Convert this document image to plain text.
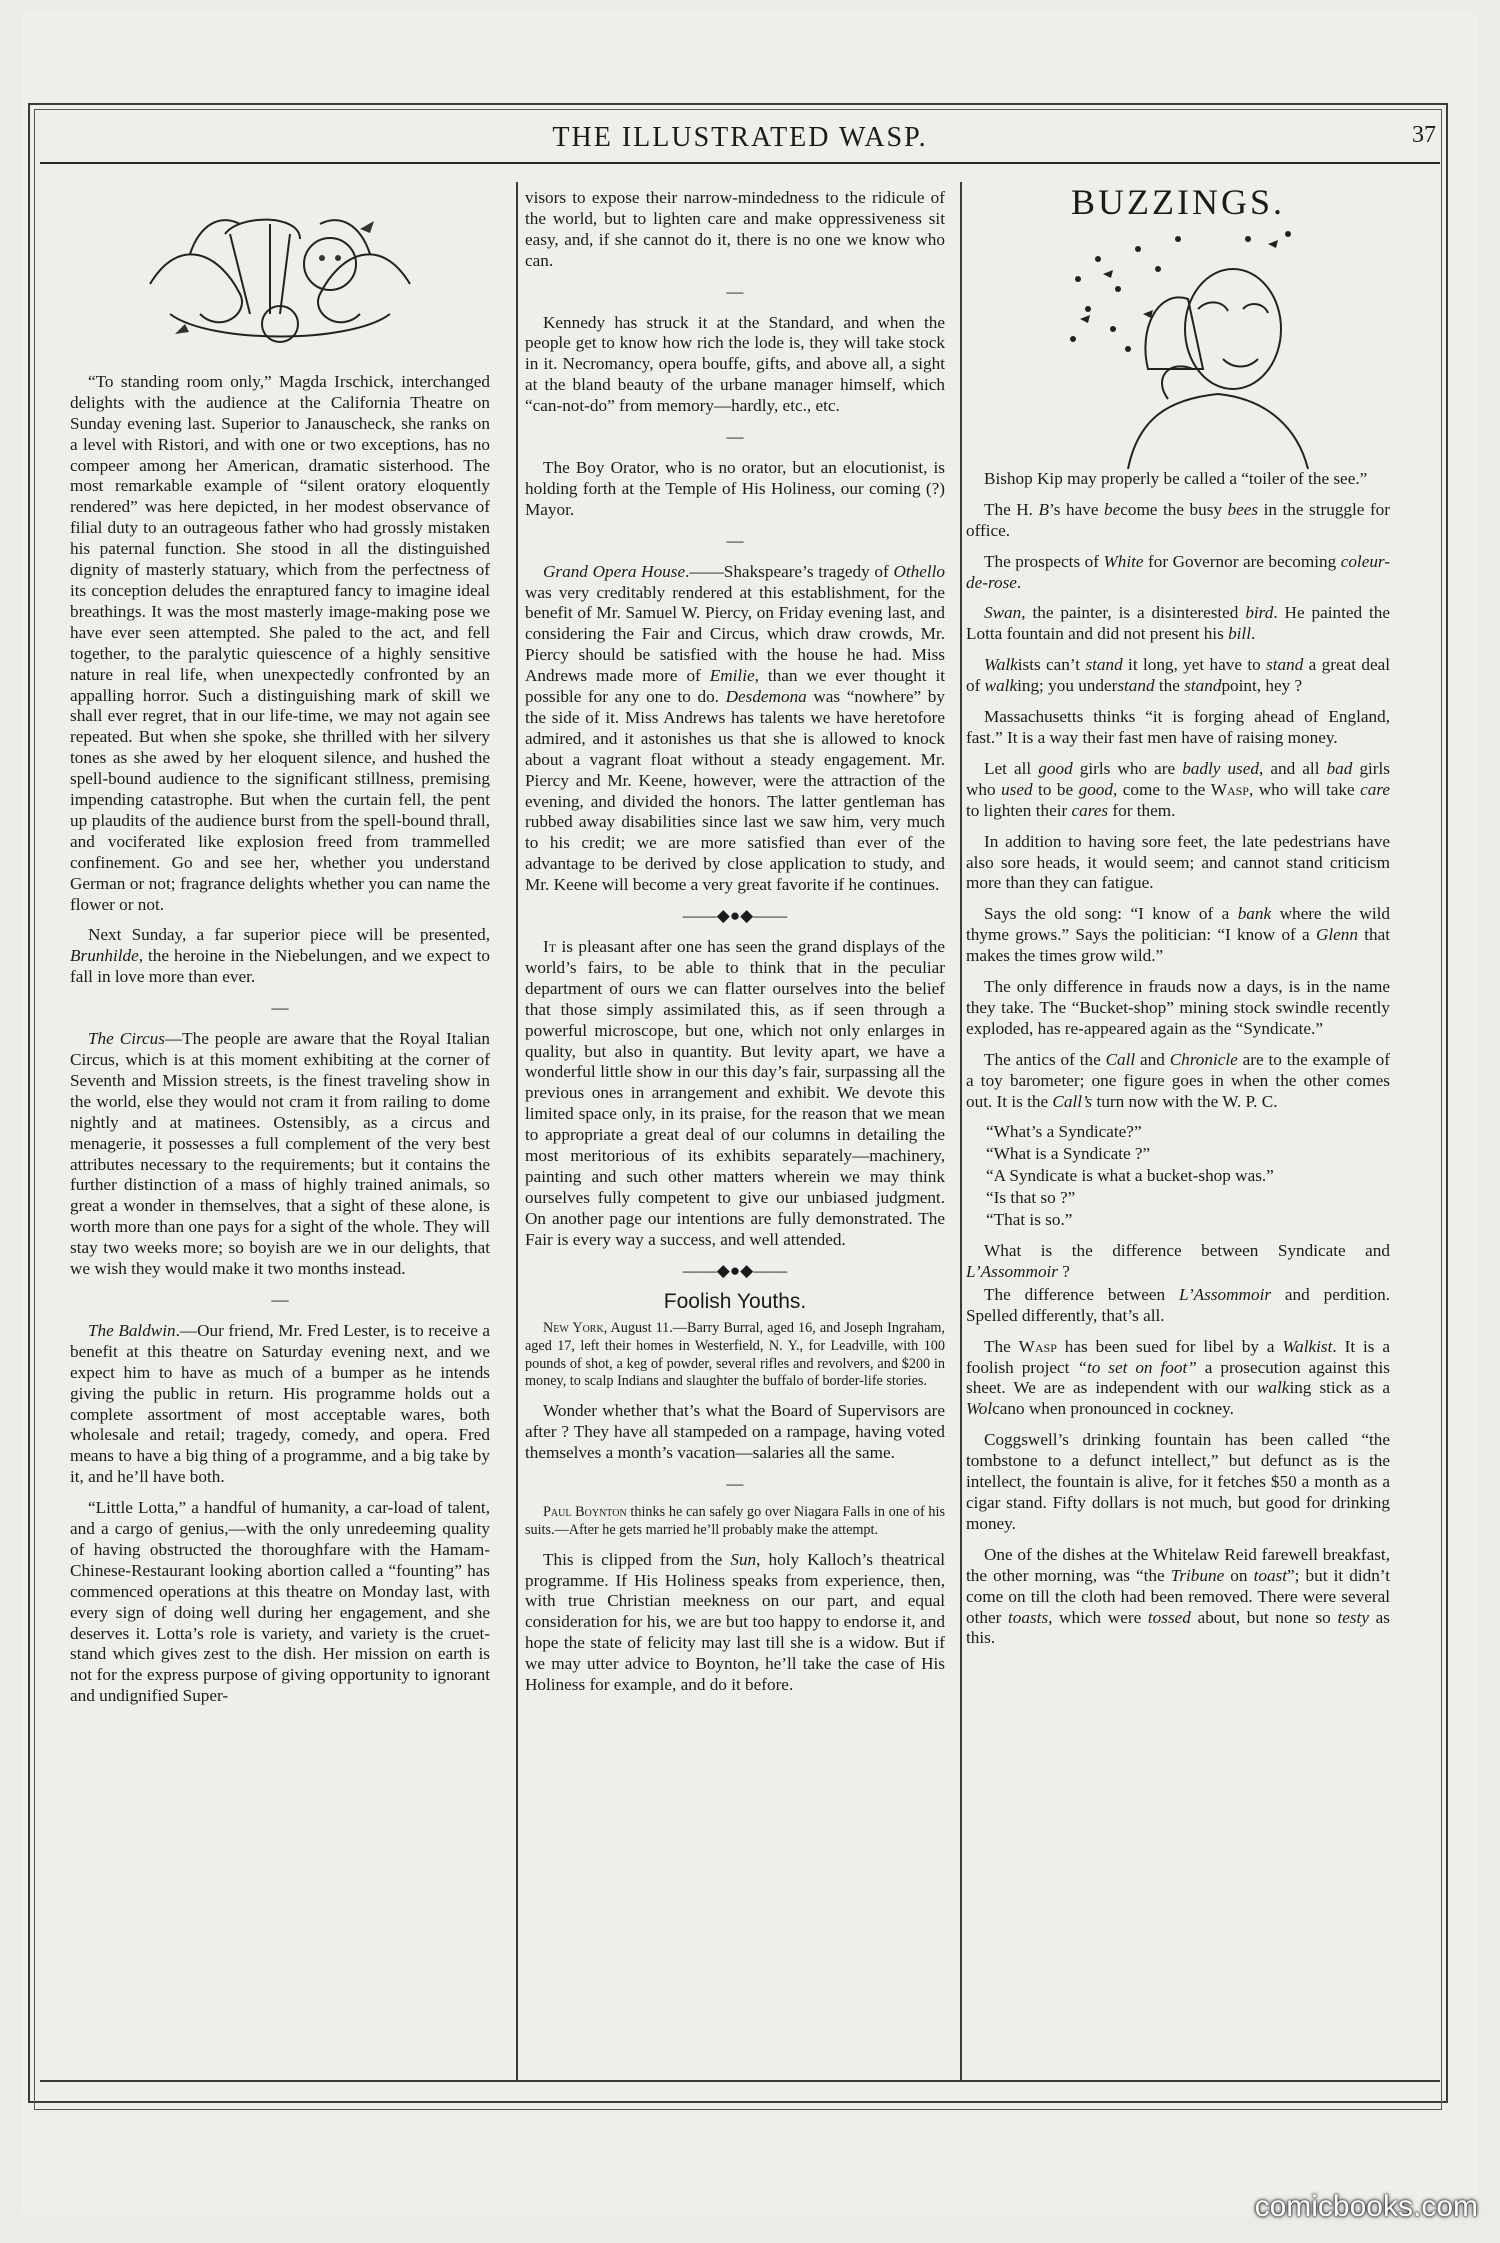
THE ILLUSTRATED WASP.	37

“To standing room only,” Magda Irschick, interchanged delights with the audience at the California Theatre on Sunday evening last. Superior to Janauscheck, she ranks on a level with Ristori, and with one or two exceptions, has no compeer among her American, dramatic sisterhood. The most remarkable example of “silent oratory eloquently rendered” was here depicted, in her modest observance of filial duty to an outrageous father who had grossly mistaken his paternal function. She stood in all the distinguished dignity of masterly statuary, which from the perfectness of its conception deludes the enraptured fancy to imagine ideal breathings. It was the most masterly image-making pose we have ever seen attempted. She paled to the act, and fell together, to the paralytic quiescence of a highly sensitive nature in real life, when unexpectedly confronted by an appalling horror. Such a distinguishing mark of skill we shall ever regret, that in our life-time, we may not again see repeated. But when she spoke, she thrilled with her silvery tones as she awed by her eloquent silence, and hushed the spell-bound audience to the significant stillness, premising impending catastrophe. But when the curtain fell, the pent up plaudits of the audience burst from the spell-bound thrall, and vociferated like explosion freed from trammelled confinement. Go and see her, whether you understand German or not; fragrance delights whether you can name the flower or not.

Next Sunday, a far superior piece will be presented, Brunhilde, the heroine in the Niebelungen, and we expect to fall in love more than ever.

—

The Circus—The people are aware that the Royal Italian Circus, which is at this moment exhibiting at the corner of Seventh and Mission streets, is the finest traveling show in the world, else they would not cram it from railing to dome nightly and at matinees. Ostensibly, as a circus and menagerie, it possesses a full complement of the very best attributes necessary to the requirements; but it contains the further distinction of a mass of highly trained animals, so great a wonder in themselves, that a sight of these alone, is worth more than one pays for a sight of the whole. They will stay two weeks more; so boyish are we in our delights, that we wish they would make it two months instead.

—

The Baldwin.—Our friend, Mr. Fred Lester, is to receive a benefit at this theatre on Saturday evening next, and we expect him to have as much of a bumper as he intends giving the public in return. His programme holds out a complete assortment of most acceptable wares, both wholesale and retail; tragedy, comedy, and opera. Fred means to have a big thing of a programme, and a big take by it, and he’ll have both.

“Little Lotta,” a handful of humanity, a car-load of talent, and a cargo of genius,—with the only unredeeming quality of having obstructed the thoroughfare with the Hamam-Chinese-Restaurant looking abortion called a “founting” has commenced operations at this theatre on Monday last, with every sign of doing well during her engagement, and she deserves it. Lotta’s role is variety, and variety is the cruet-stand which gives zest to the dish. Her mission on earth is not for the express purpose of giving opportunity to ignorant and undignified Super-

visors to expose their narrow-mindedness to the ridicule of the world, but to lighten care and make oppressiveness sit easy, and, if she cannot do it, there is no one we know who can.

—

Kennedy has struck it at the Standard, and when the people get to know how rich the lode is, they will take stock in it. Necromancy, opera bouffe, gifts, and above all, a sight at the bland beauty of the urbane manager himself, which “can-not-do” from memory—hardly, etc., etc.

—

The Boy Orator, who is no orator, but an elocutionist, is holding forth at the Temple of His Holiness, our coming (?) Mayor.

—

Grand Opera House.——Shakspeare’s tragedy of Othello was very creditably rendered at this establishment, for the benefit of Mr. Samuel W. Piercy, on Friday evening last, and considering the Fair and Circus, which draw crowds, Mr. Piercy should be satisfied with the house he had. Miss Andrews made more of Emilie, than we ever thought it possible for any one to do. Desdemona was “nowhere” by the side of it. Miss Andrews has talents we have heretofore admired, and it astonishes us that she is allowed to knock about a vagrant float without a steady engagement. Mr. Piercy and Mr. Keene, however, were the attraction of the evening, and divided the honors. The latter gentleman has rubbed away disabilities since last we saw him, very much to his credit; we are more satisfied than ever of the advantage to be derived by close application to study, and Mr. Keene will become a very great favorite if he continues.

——◆●◆——

It is pleasant after one has seen the grand displays of the world’s fairs, to be able to think that in the peculiar department of ours we can flatter ourselves into the belief that those simply assimilated this, as if seen through a powerful microscope, but one, which not only enlarges in quality, but also in quantity. But levity apart, we have a wonderful little show in our this day’s fair, surpassing all the previous ones in arrangement and exhibit. We devote this limited space only, in its praise, for the reason that we mean to appropriate a great deal of our columns in detailing the most meritorious of its exhibits separately—machinery, painting and such other matters wherein we may think ourselves fully competent to give our unbiased judgment. On another page our intentions are fully demonstrated. The Fair is every way a success, and well attended.

——◆●◆——
Foolish Youths.

New York, August 11.—Barry Burral, aged 16, and Joseph Ingraham, aged 17, left their homes in Westerfield, N. Y., for Leadville, with 100 pounds of shot, a keg of powder, several rifles and revolvers, and $200 in money, to scalp Indians and slaughter the buffalo of border-life stories.

Wonder whether that’s what the Board of Supervisors are after ? They have all stampeded on a rampage, having voted themselves a month’s vacation—salaries all the same.

—

Paul Boynton thinks he can safely go over Niagara Falls in one of his suits.—After he gets married he’ll probably make the attempt.

This is clipped from the Sun, holy Kalloch’s theatrical programme. If His Holiness speaks from experience, then, with true Christian meekness on our part, and equal consideration for his, we are but too happy to endorse it, and hope the state of felicity may last till she is a widow. But if we may utter advice to Boynton, he’ll take the case of His Holiness for example, and do it before.

BUZZINGS.

Bishop Kip may properly be called a “toiler of the see.”

The H. B’s have become the busy bees in the struggle for office.

The prospects of White for Governor are becoming coleur-de-rose.

Swan, the painter, is a disinterested bird. He painted the Lotta fountain and did not present his bill.

Walkists can’t stand it long, yet have to stand a great deal of walking; you understand the standpoint, hey ?

Massachusetts thinks “it is forging ahead of England, fast.” It is a way their fast men have of raising money.

Let all good girls who are badly used, and all bad girls who used to be good, come to the Wasp, who will take care to lighten their cares for them.

In addition to having sore feet, the late pedestrians have also sore heads, it would seem; and cannot stand criticism more than they can fatigue.

Says the old song: “I know of a bank where the wild thyme grows.” Says the politician: “I know of a Glenn that makes the times grow wild.”

The only difference in frauds now a days, is in the name they take. The “Bucket-shop” mining stock swindle recently exploded, has re-appeared again as the “Syndicate.”

The antics of the Call and Chronicle are to the example of a toy barometer; one figure goes in when the other comes out. It is the Call’s turn now with the W. P. C.

“What’s a Syndicate?”

“What is a Syndicate ?”

“A Syndicate is what a bucket-shop was.”

“Is that so ?”

“That is so.”

What is the difference between Syndicate and L’Assommoir ?

The difference between L’Assommoir and perdition. Spelled differently, that’s all.

The Wasp has been sued for libel by a Walkist. It is a foolish project “to set on foot” a prosecution against this sheet. We are as independent with our walking stick as a Wolcano when pronounced in cockney.

Coggswell’s drinking fountain has been called “the tombstone to a defunct intellect,” but defunct as is the intellect, the fountain is alive, for it fetches $50 a month as a cigar stand. Fifty dollars is not much, but good for drinking money.

One of the dishes at the Whitelaw Reid farewell breakfast, the other morning, was “the Tribune on toast”; but it didn’t come on till the cloth had been removed. There were several other toasts, which were tossed about, but none so testy as this.

comicbooks.com
